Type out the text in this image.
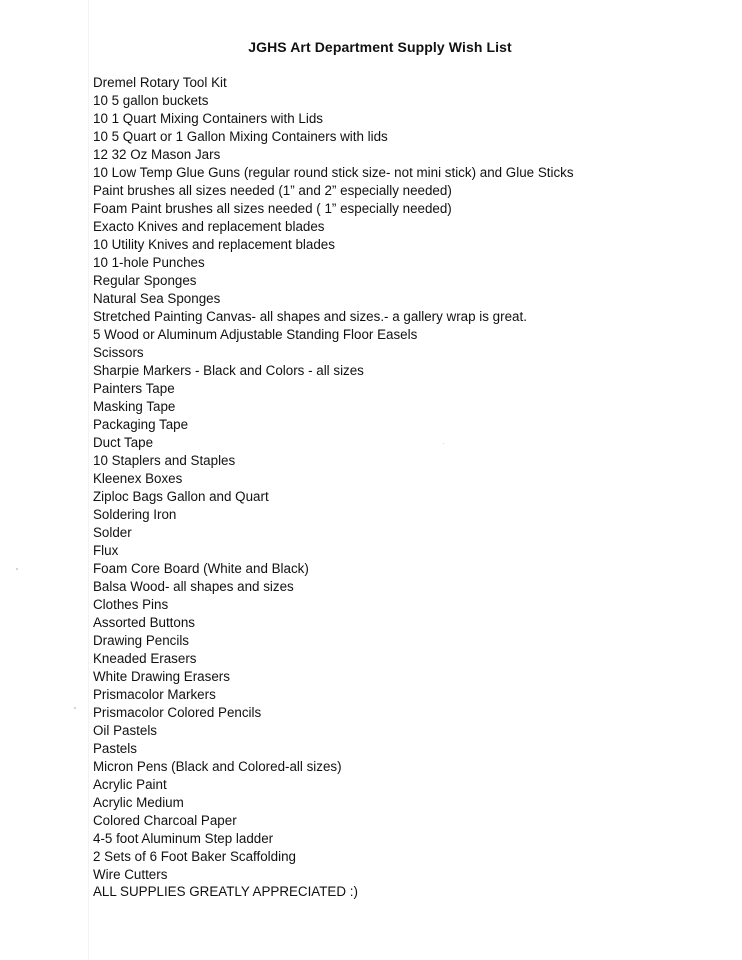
JGHS Art Department Supply Wish List
Dremel Rotary Tool Kit
10 5 gallon buckets
10 1 Quart Mixing Containers with Lids
10 5 Quart or 1 Gallon Mixing Containers with lids
12 32 Oz Mason Jars
10 Low Temp Glue Guns (regular round stick size- not mini stick) and Glue Sticks
Paint brushes all sizes needed (1” and 2” especially needed)
Foam Paint brushes all sizes needed ( 1” especially needed)
Exacto Knives and replacement blades
10 Utility Knives and replacement blades
10 1-hole Punches
Regular Sponges
Natural Sea Sponges
Stretched Painting Canvas- all shapes and sizes.- a gallery wrap is great.
5 Wood or Aluminum Adjustable Standing Floor Easels
Scissors
Sharpie Markers - Black and Colors - all sizes
Painters Tape
Masking Tape
Packaging Tape
Duct Tape
10 Staplers and Staples
Kleenex Boxes
Ziploc Bags Gallon and Quart
Soldering Iron
Solder
Flux
Foam Core Board (White and Black)
Balsa Wood- all shapes and sizes
Clothes Pins
Assorted Buttons
Drawing Pencils
Kneaded Erasers
White Drawing Erasers
Prismacolor Markers
Prismacolor Colored Pencils
Oil Pastels
Pastels
Micron Pens (Black and Colored-all sizes)
Acrylic Paint
Acrylic Medium
Colored Charcoal Paper
4-5 foot Aluminum Step ladder
2 Sets of 6 Foot Baker Scaffolding
Wire Cutters
ALL SUPPLIES GREATLY APPRECIATED :)
